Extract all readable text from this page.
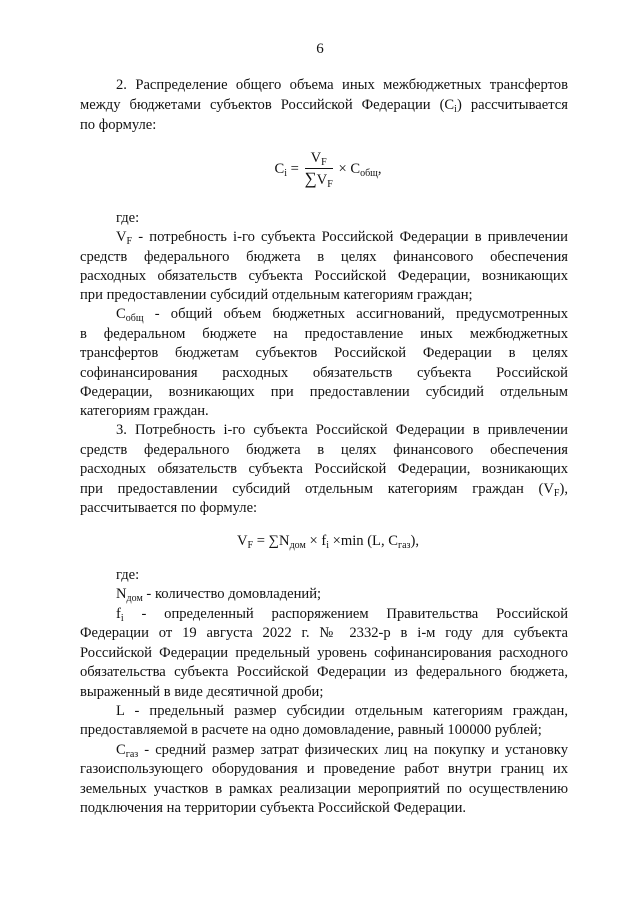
6
2. Распределение общего объема иных межбюджетных трансфертов
между бюджетами субъектов Российской Федерации $(C_i)$ рассчитывается
по формуле:
$C_i = \frac{V_F}{\sum V_F} \times C_{общ}$,
где:
$V_F$ - потребность i-го субъекта Российской Федерации в привлечении
средств федерального бюджета в целях финансового обеспечения
расходных обязательств субъекта Российской Федерации, возникающих
при предоставлении субсидий отдельным категориям граждан;
$C_{общ}$ - общий объем бюджетных ассигнований, предусмотренных
в федеральном бюджете на предоставление иных межбюджетных
трансфертов бюджетам субъектов Российской Федерации в целях
софинансирования расходных обязательств субъекта Российской
Федерации, возникающих при предоставлении субсидий отдельным
категориям граждан.
3. Потребность i-го субъекта Российской Федерации в привлечении
средств федерального бюджета в целях финансового обеспечения
расходных обязательств субъекта Российской Федерации, возникающих
при предоставлении субсидий отдельным категориям граждан $(V_F)$,
рассчитывается по формуле:
$V_F = \sum N_{дом} \times f_i \times\min$ (L, $C_{газ}$),
где:
$N_{дом}$ - количество домовладений;
$f_i$ - определенный распоряжением Правительства Российской
Федерации от 19 августа 2022 г. № 2332-р в i-м году для субъекта
Российской Федерации предельный уровень софинансирования расходного
обязательства субъекта Российской Федерации из федерального бюджета,
выраженный в виде десятичной дроби;
L - предельный размер субсидии отдельным категориям граждан,
предоставляемой в расчете на одно домовладение, равный 100000 рублей;
$C_{газ}$ - средний размер затрат физических лиц на покупку и установку
газоиспользующего оборудования и проведение работ внутри границ их
земельных участков в рамках реализации мероприятий по осуществлению
подключения на территории субъекта Российской Федерации.
